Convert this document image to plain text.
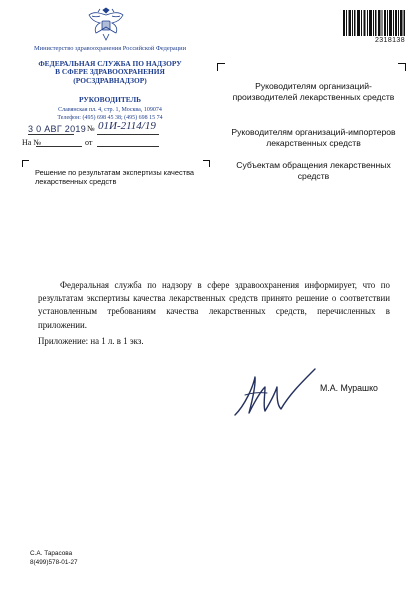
Министерство здравоохранения Российской Федерации
ФЕДЕРАЛЬНАЯ СЛУЖБА ПО НАДЗОРУ
В СФЕРЕ ЗДРАВООХРАНЕНИЯ
(РОСЗДРАВНАДЗОР)
РУКОВОДИТЕЛЬ
Славянская пл. 4, стр. 1, Москва, 109074
Телефон: (495) 698 45 38; (495) 698 15 74
3 0 АВГ 2019 № 01И-2114/19
На №	от
Решение по результатам экспертизы качества лекарственных средств
2318138
Руководителям организаций-производителей лекарственных средств
Руководителям организаций-импортеров лекарственных средств
Субъектам обращения лекарственных средств

Федеральная служба по надзору в сфере здравоохранения информирует, что по результатам экспертизы качества лекарственных средств принято решение о соответствии установленным требованиям качества лекарственных средств, перечисленных в приложении.

Приложение: на 1 л. в 1 экз.
М.А. Мурашко
С.А. Тарасова
8(499)578-01-27
